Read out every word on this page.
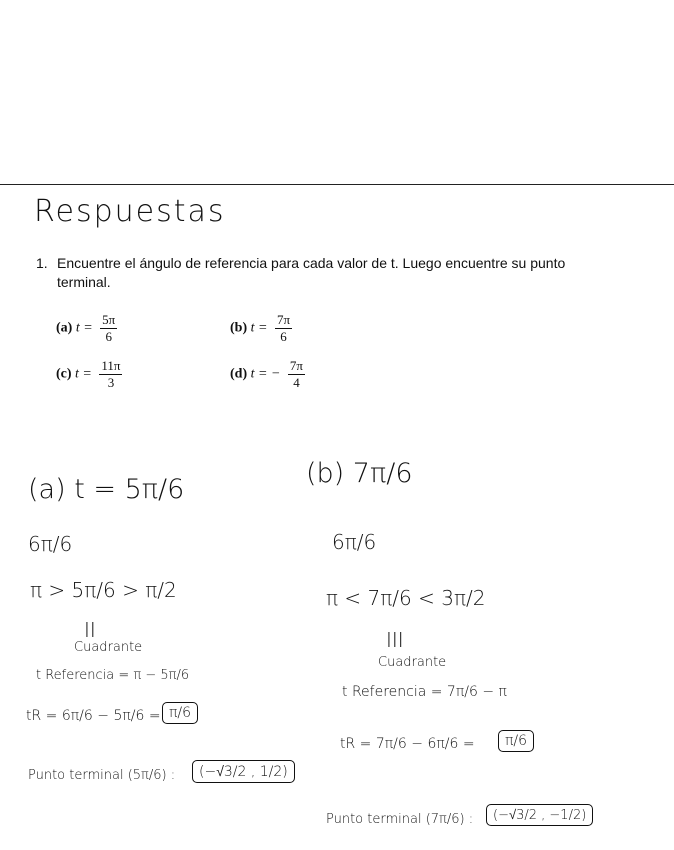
Respuestas
1. Encuentre el ángulo de referencia para cada valor de t. Luego encuentre su punto terminal.
(a) $t = \frac{5\pi}{6}$	(b) $t = \frac{7\pi}{6}$
(c) $t = \frac{11\pi}{3}$	(d) t = − $\frac{7\pi}{4}$
(a) t = 5π/6
6π/6
π > 5π/6 > π/2
II
Cuadrante
t Referencia = π − 5π/6
tR = 6π/6 − 5π/6 = π/6
Punto terminal (5π/6) :	(−√3/2 , 1/2)
(b) 7π/6
6π/6
π < 7π/6 < 3π/2
III
Cuadrante
t Referencia = 7π/6 − π
tR = 7π/6 − 6π/6 =	π/6
Punto terminal (7π/6) :	(−√3/2 , −1/2)
